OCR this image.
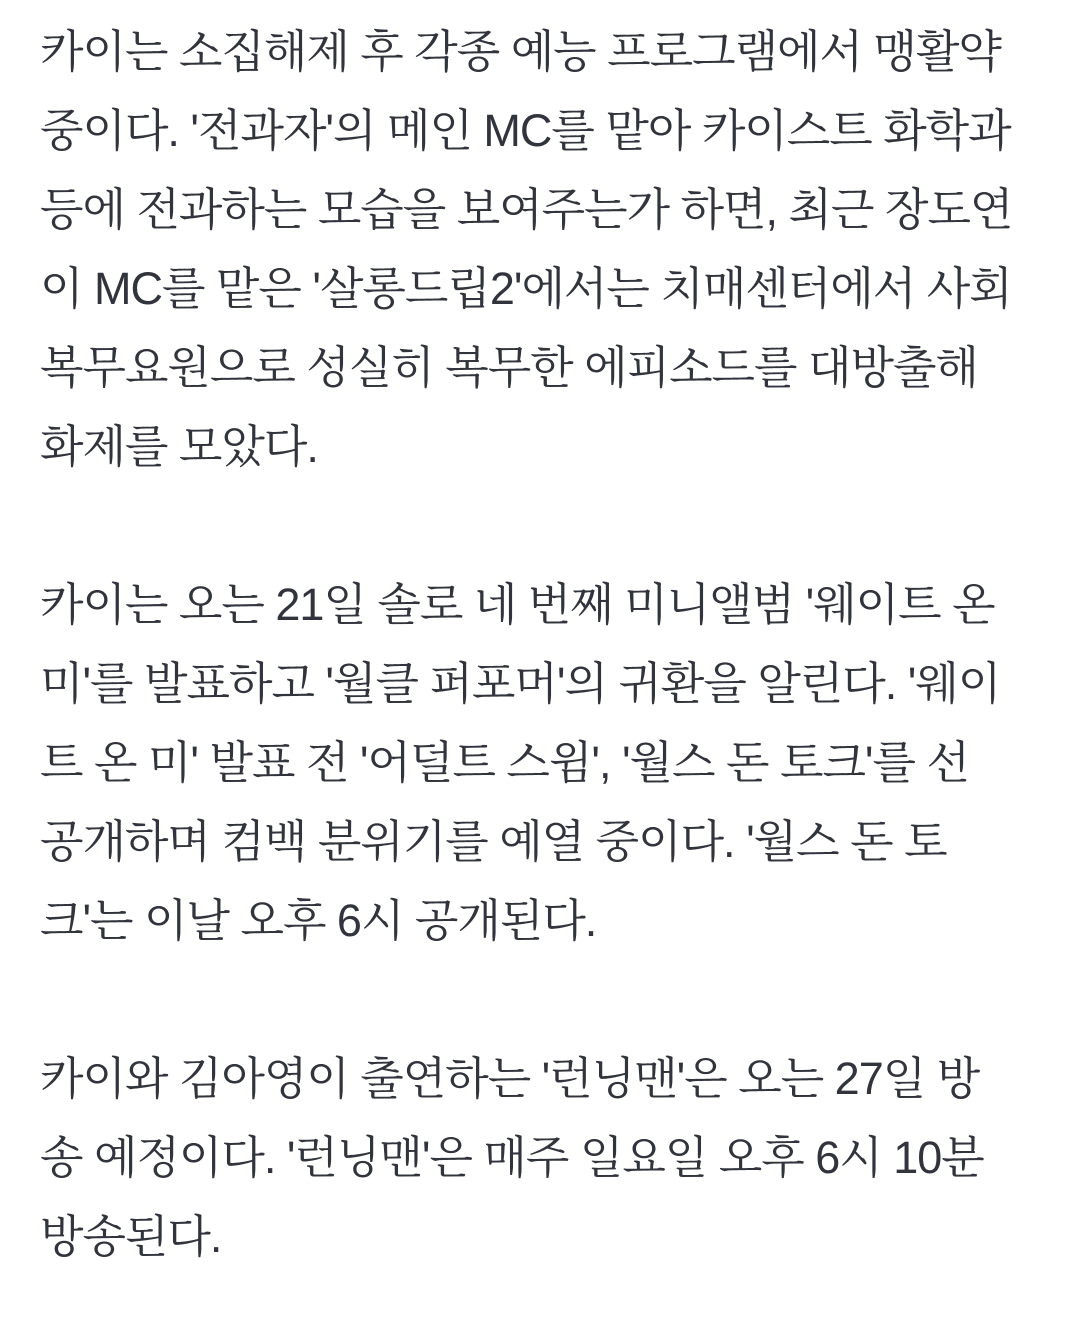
카이는 소집해제 후 각종 예능 프로그램에서 맹활약
중이다. '전과자'의 메인 MC를 맡아 카이스트 화학과
등에 전과하는 모습을 보여주는가 하면, 최근 장도연
이 MC를 맡은 '살롱드립2'에서는 치매센터에서 사회
복무요원으로 성실히 복무한 에피소드를 대방출해
화제를 모았다.

카이는 오는 21일 솔로 네 번째 미니앨범 '웨이트 온
미'를 발표하고 '월클 퍼포머'의 귀환을 알린다. '웨이
트 온 미' 발표 전 '어덜트 스윔', '월스 돈 토크'를 선
공개하며 컴백 분위기를 예열 중이다. '월스 돈 토
크'는 이날 오후 6시 공개된다.

카이와 김아영이 출연하는 '런닝맨'은 오는 27일 방
송 예정이다. '런닝맨'은 매주 일요일 오후 6시 10분
방송된다.
